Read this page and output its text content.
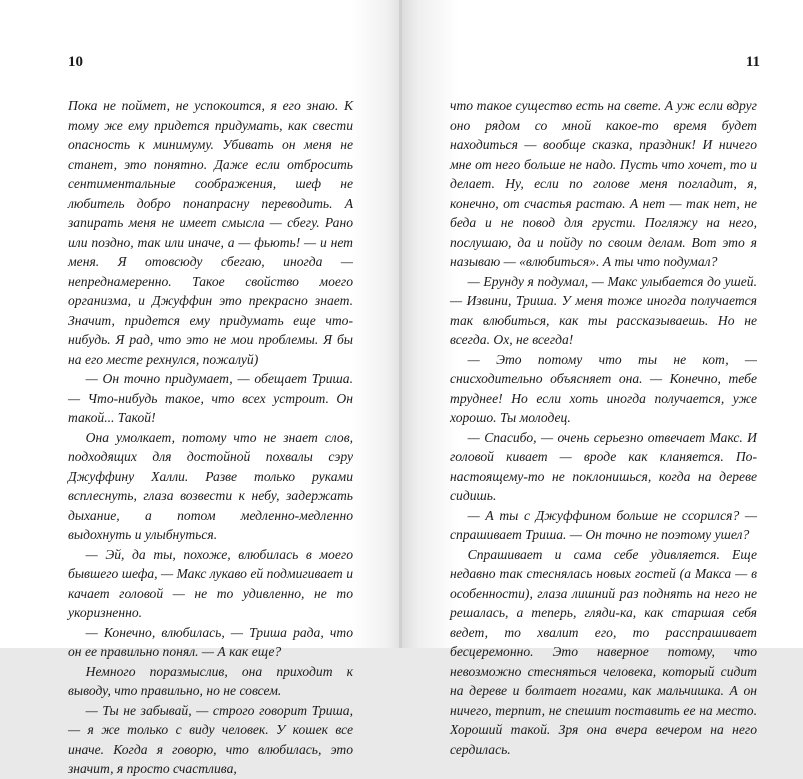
10

Пока не поймет, не успокоится, я его знаю. К тому же ему придется придумать, как свести опасность к минимуму. Убивать он меня не станет, это понятно. Даже если отбросить сентиментальные соображения, шеф не любитель добро понапрасну переводить. А запирать меня не имеет смысла — сбегу. Рано или поздно, так или иначе, а — фьють! — и нет меня. Я отовсюду сбегаю, иногда — непреднамеренно. Такое свойство моего организма, и Джуффин это прекрасно знает. Значит, придется ему придумать еще что-нибудь. Я рад, что это не мои проблемы. Я бы на его месте рехнулся, пожалуй)

— Он точно придумает, — обещает Триша. — Что-нибудь такое, что всех устроит. Он такой... Такой!

Она умолкает, потому что не знает слов, подходящих для достойной похвалы сэру Джуффину Халли. Разве только руками всплеснуть, глаза возвести к небу, задержать дыхание, а потом медленно-медленно выдохнуть и улыбнуться.

— Эй, да ты, похоже, влюбилась в моего бывшего шефа, — Макс лукаво ей подмигивает и качает головой — не то удивленно, не то укоризненно.

— Конечно, влюбилась, — Триша рада, что он ее правильно понял. — А как еще?

Немного поразмыслив, она приходит к выводу, что правильно, но не совсем.

— Ты не забывай, — строго говорит Триша, — я же только с виду человек. У кошек все иначе. Когда я говорю, что влюбилась, это значит, я просто счастлива,

11

что такое существо есть на свете. А уж если вдруг оно рядом со мной какое-то время будет находиться — вообще сказка, праздник! И ничего мне от него больше не надо. Пусть что хочет, то и делает. Ну, если по голове меня погладит, я, конечно, от счастья растаю. А нет — так нет, не беда и не повод для грусти. Погляжу на него, послушаю, да и пойду по своим делам. Вот это я называю — «влюбиться». А ты что подумал?

— Ерунду я подумал, — Макс улыбается до ушей. — Извини, Триша. У меня тоже иногда получается так влюбиться, как ты рассказываешь. Но не всегда. Ох, не всегда!

— Это потому что ты не кот, — снисходительно объясняет она. — Конечно, тебе труднее! Но если хоть иногда получается, уже хорошо. Ты молодец.

— Спасибо, — очень серьезно отвечает Макс. И головой кивает — вроде как кланяется. По-настоящему-то не поклонишься, когда на дереве сидишь.

— А ты с Джуффином больше не ссорился? — спрашивает Триша. — Он точно не поэтому ушел?

Спрашивает и сама себе удивляется. Еще недавно так стеснялась новых гостей (а Макса — в особенности), глаза лишний раз поднять на него не решалась, а теперь, гляди-ка, как старшая себя ведет, то хвалит его, то расспрашивает бесцеремонно. Это наверное потому, что невозможно стесняться человека, который сидит на дереве и болтает ногами, как мальчишка. А он ничего, терпит, не спешит поставить ее на место. Хороший такой. Зря она вчера вечером на него сердилась.
